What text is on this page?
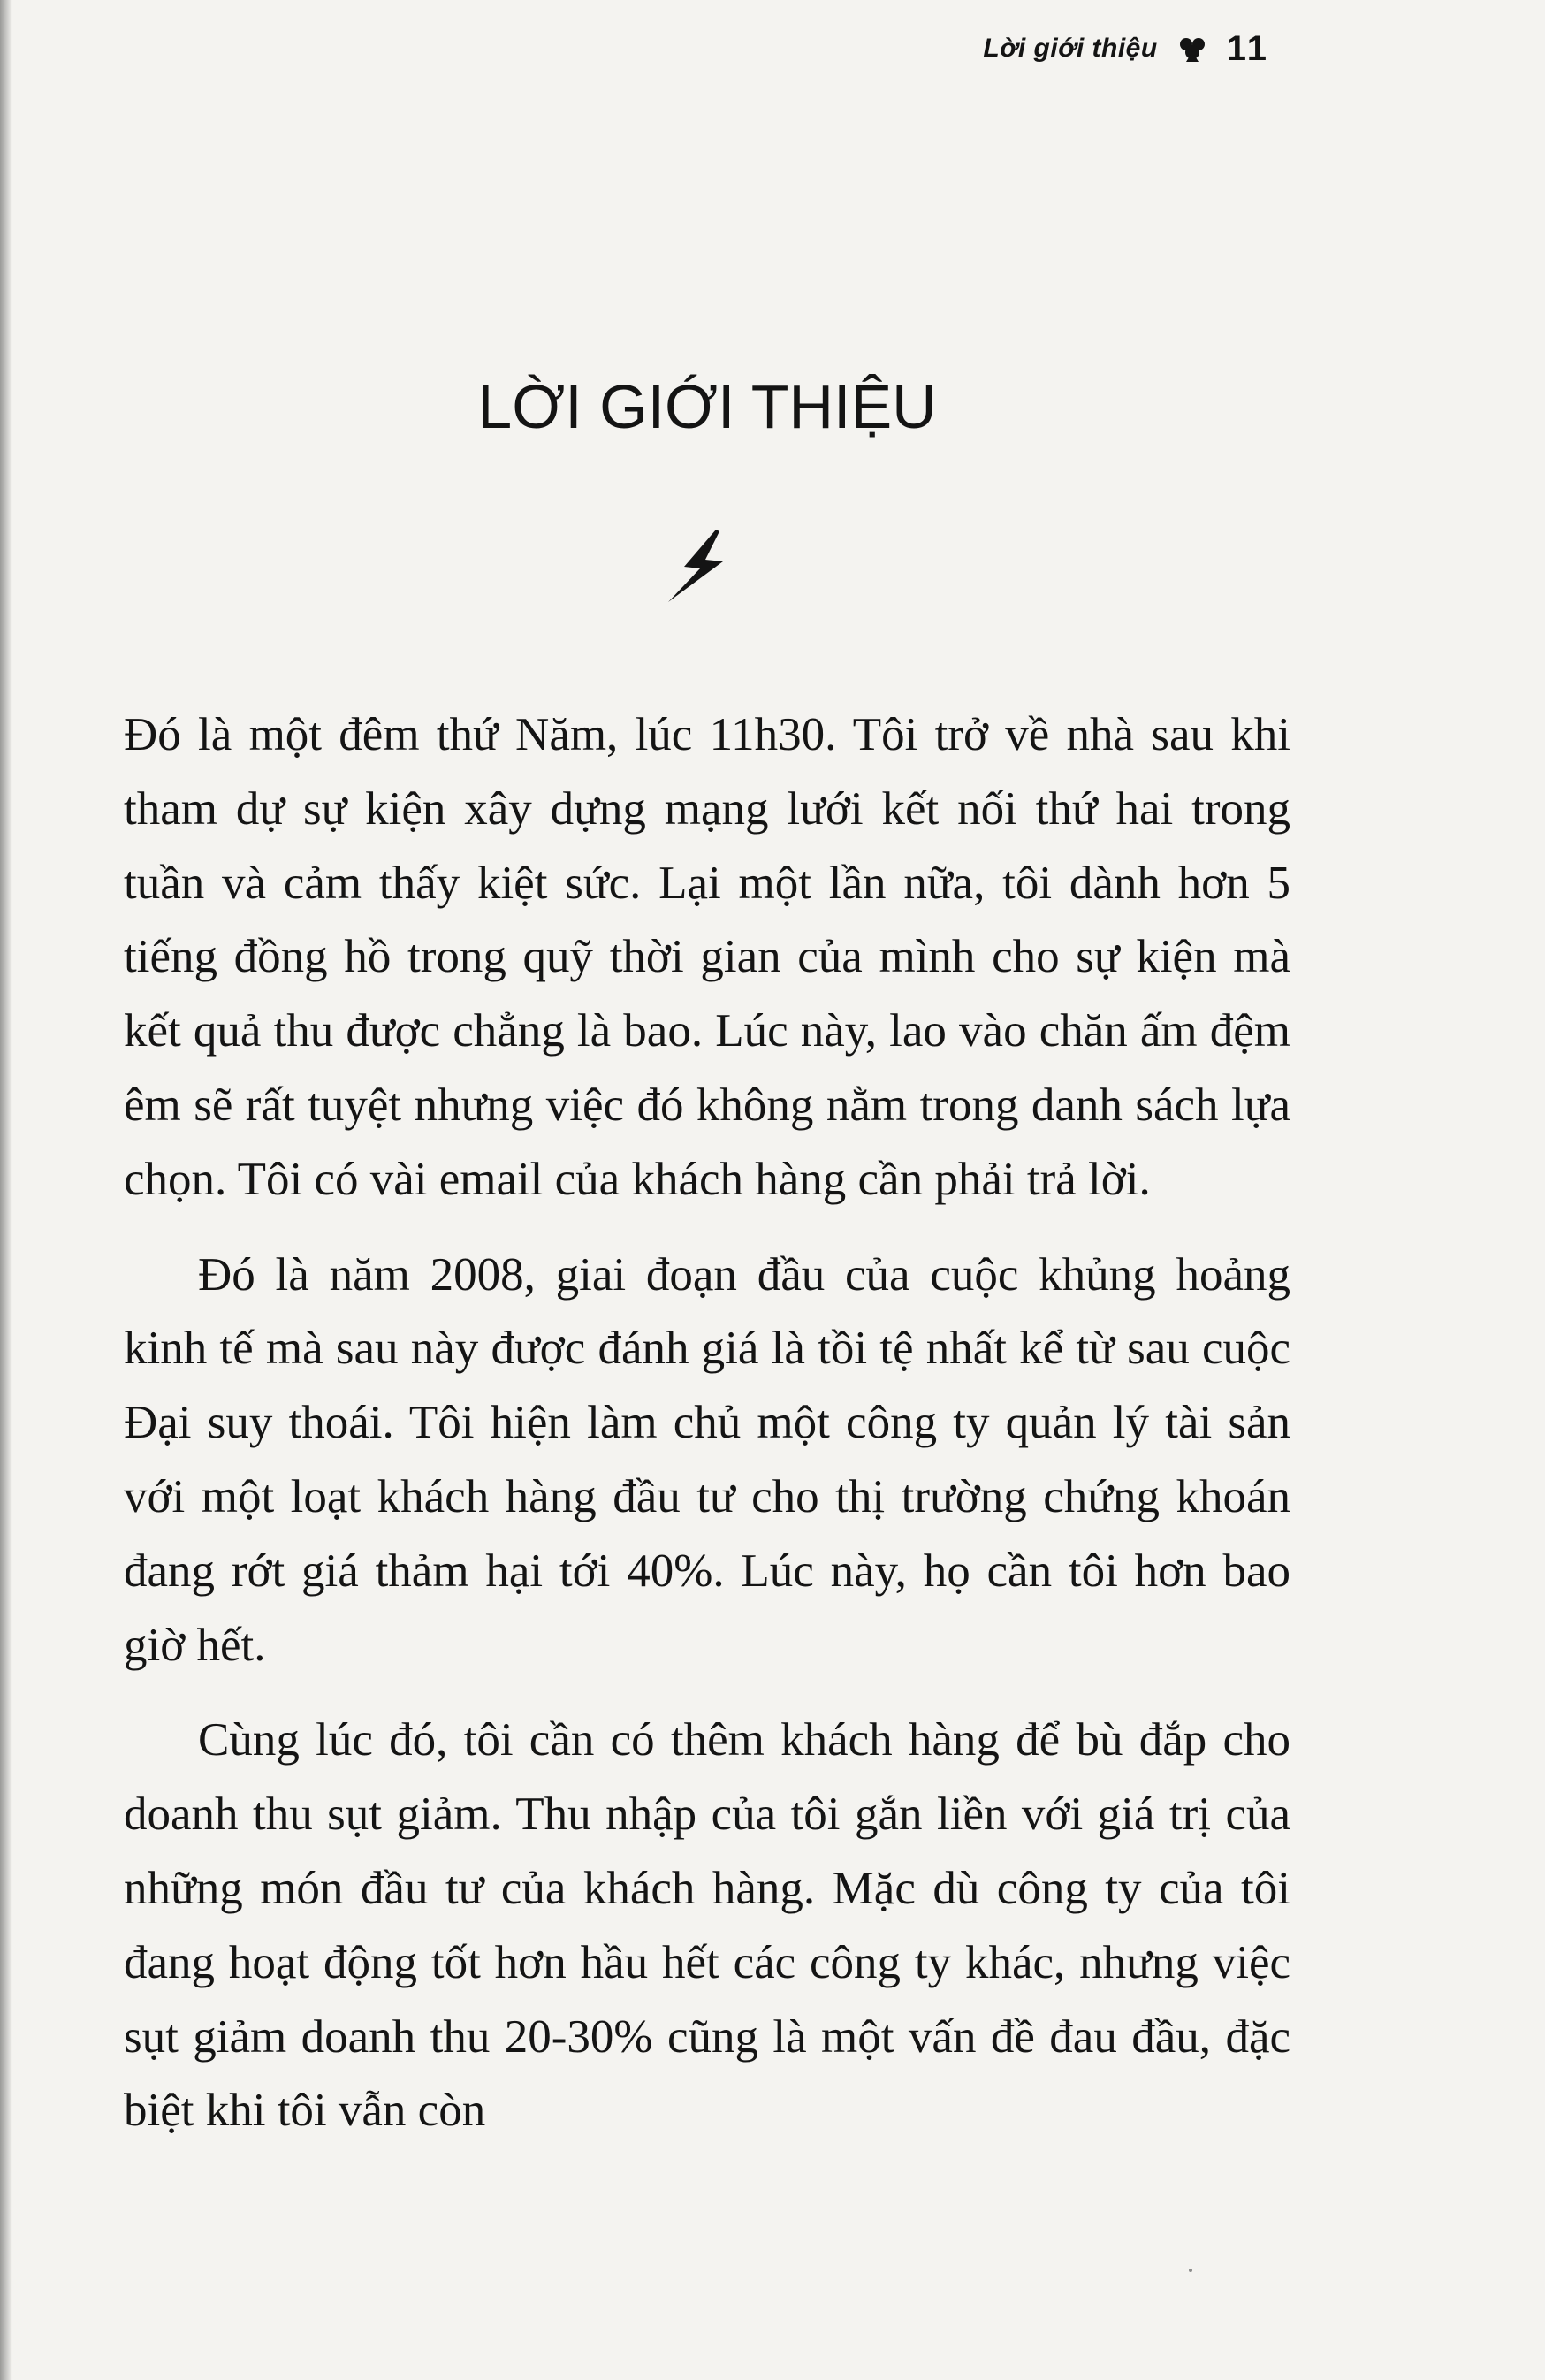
Lời giới thiệu 11
LỜI GIỚI THIỆU

Đó là một đêm thứ Năm, lúc 11h30. Tôi trở về nhà sau khi tham dự sự kiện xây dựng mạng lưới kết nối thứ hai trong tuần và cảm thấy kiệt sức. Lại một lần nữa, tôi dành hơn 5 tiếng đồng hồ trong quỹ thời gian của mình cho sự kiện mà kết quả thu được chẳng là bao. Lúc này, lao vào chăn ấm đệm êm sẽ rất tuyệt nhưng việc đó không nằm trong danh sách lựa chọn. Tôi có vài email của khách hàng cần phải trả lời.

Đó là năm 2008, giai đoạn đầu của cuộc khủng hoảng kinh tế mà sau này được đánh giá là tồi tệ nhất kể từ sau cuộc Đại suy thoái. Tôi hiện làm chủ một công ty quản lý tài sản với một loạt khách hàng đầu tư cho thị trường chứng khoán đang rớt giá thảm hại tới 40%. Lúc này, họ cần tôi hơn bao giờ hết.

Cùng lúc đó, tôi cần có thêm khách hàng để bù đắp cho doanh thu sụt giảm. Thu nhập của tôi gắn liền với giá trị của những món đầu tư của khách hàng. Mặc dù công ty của tôi đang hoạt động tốt hơn hầu hết các công ty khác, nhưng việc sụt giảm doanh thu 20-30% cũng là một vấn đề đau đầu, đặc biệt khi tôi vẫn còn
